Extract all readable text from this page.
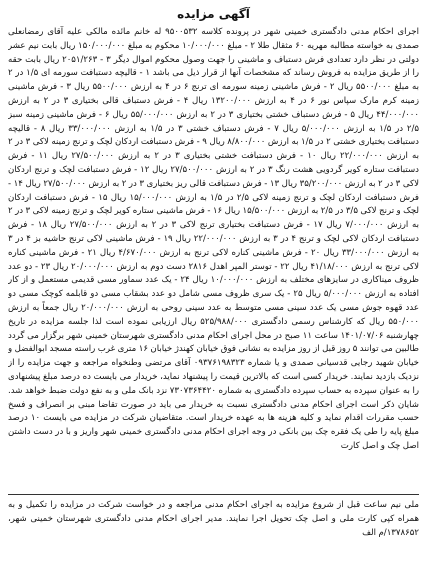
آگهی مزایده
اجرای احکام مدنی دادگستری خمینی شهر در پرونده کلاسه ۹۵۰۰۵۳۲ له خانم مائده مالکی علیه آقای رمضانعلی صمدی به خواسته مطالبه مهریه ۶۰ مثقال طلا ۲ - مبلغ ۱۰/۰۰۰/۰۰۰ محکوم به مبلغ ۱۵۰/۰۰۰/۰۰۰ ریال بابت نیم عشر دولتی در نظر دارد تعدادی فرش دستباف و ماشینی را جهت وصول محکوم اموال دیگر ۳ - ۲۰۵۱/۲۶۳ ریال بابت حقه را از طریق مزایده به فروش رساند که مشخصات آنها از قرار ذیل می باشد ۱ - قالیچه دستبافت سورمه ای ۱/۵ در ۲ به مبلغ ۵۵۰۰/۰۰۰ ریال ۲ - فرش ماشینی زمینه سورمه ای ترنج ۶ در ۴ به ارزش ۵۵۰۰/۰۰۰ ریال ۳ - فرش ماشینی زمینه کرم مارک سپاس نور ۶ در ۴ به ارزش ۱۳۲۰۰/۰۰۰ ریال ۴ - فرش دستباف قالی بختیاری ۳ در ۲ به ارزش ۴۴/۰۰۰/۰۰۰ ریال ۵ - فرش دستباف خشتی بختیاری ۳ در ۲ به ارزش ۵۵/۰۰۰/۰۰۰ ریال ۶ - فرش ماشینی زمینه سبز ۲/۵ در ۱/۵ به ارزش ۵/۰۰۰/۰۰۰ ریال ۷ - فرش دستباف خشتی ۳ در ۱/۵ به ارزش ۳۳/۰۰۰/۰۰۰ ریال ۸ - قالیچه دستبافت بختیاری خشتی ۲ در ۱/۵ به ارزش ۸/۸۰۰/۰۰۰ ریال ۹ - فرش دستبافت اردکان لچک و ترنج زمینه لاکی ۳ در ۲ به ارزش ۲۲/۰۰۰/۰۰۰ ریال ۱۰ - فرش دستبافت خشتی بختیاری ۳ در ۲ به ارزش ۲۷/۵۰۰/۰۰۰ ریال ۱۱ - فرش دستبافت ستاره کویر گردویی هشت رنگ ۳ در ۲ به ارزش ۲۷/۵۰۰/۰۰۰ ریال ۱۲ - فرش دستبافت لچک و ترنج اردکان لاکی ۳ در ۲ به ارزش ۳۵/۲۰۰/۰۰۰ ریال ۱۳ - فرش دستبافت قالی ریز بختیاری ۳ در ۲ به ارزش ۲۷/۵۰۰/۰۰۰ ریال ۱۴ - فرش دستبافت اردکان لچک و ترنج زمینه لاکی ۲/۵ در ۱/۵ به ارزش ۱۵/۰۰۰/۰۰۰ ریال ۱۵ - فرش دستبافت اردکان لچک و ترنج لاکی ۳/۵ در ۲/۵ به ارزش ۱۵/۵۰۰/۰۰۰ ریال ۱۶ - فرش ماشینی ستاره کویر لچک و ترنج زمینه لاکی ۳ در ۲ به ارزش ۷/۰۰۰/۰۰۰ ریال ۱۷ - فرش دستبافت بختیاری ترنج لاکی ۳ در ۲ به ارزش ۲۷/۵۰۰/۰۰۰ ریال ۱۸ - فرش دستبافت اردکان لاکی لچک و ترنج ۴ در ۳ به ارزش ۲۲/۰۰۰/۰۰۰ ریال ۱۹ - فرش ماشینی لاکی ترنج حاشیه بز ۴ در ۳ به ارزش ۳۳/۰۰۰/۰۰۰ ریال ۲۰ - فرش ماشینی کناره لاکی ترنج به ارزش ۴/۶۷۰/۰۰۰ ریال ۲۱ - فرش ماشینی کناره لاکی ترنج به ارزش ۴۱/۱۸/۰۰۰ ریال ۲۲ - توستر المپر اهدل ۲۸۱۶ دست دوم به ارزش ۲۰/۰۰۰/۰۰۰ ریال ۲۳ - دو عدد ظروف میناکاری در سایزهای مختلف به ارزش ۱۰/۰۰۰/۰۰۰ ریال ۲۴ - یک عدد سماور مسی قدیمی مستعمل و از کار افتاده به ارزش ۵/۰۰۰/۰۰۰ ریال ۲۵ - یک سری ظروف مسی شامل دو عدد بشقاب مسی دو قابلمه کوچک مسی دو عدد قهوه جوش مسی یک عدد سینی مسی متوسط به عدد سینی روحی به ارزش ۲۰/۰۰۰/۰۰۰ ریال جمعاً به ارزش ۵۵۰/۰۰۰ ریال که کارشناس رسمی دادگستری ۵۲۵/۹۸۸/۰۰۰ ریال ارزیابی نموده است لذا جلسه مزایده در تاریخ چهارشنبه ۱۴۰۱/۰۷/۰۶ ساعت ۱۱ صبح در محل اجرای احکام مدنی دادگستری شهرستان خمینی شهر برگزار می گردد طالبین می توانند ۵ روز قبل از روز مزایده به نشانی فوق خیابان کهندژ خیابان ۱۶ متری غرب راسته مسجد ابوالفضل و خیابان شهید رجایی قدسیانی صمدی و یا شماره ۰۹۳۷۶۱۹۸۳۲۳ آقای مرتضی وطنخواه مراجعه و جهت مزایده را از نزدیک بازدید نمایند. خریدار کسی است که بالاترین قیمت را پیشنهاد نماید، خریدار می بایست ده درصد مبلغ پیشنهادی را به عنوان سپرده به حساب سپرده دادگستری به شماره ۷۳۰۷۳۶۴۴۲۰ نزد بانک ملی و به نفع دولت ضبط خواهد شد. شایان ذکر است اجرای احکام مدنی دادگستری نسبت به خریدار می باید در صورت تقاضا مبنی بر انصراف و فسخ حسب مقررات اقدام نماید و کلیه هزینه ها به عهده خریدار است. متقاضیان شرکت در مزایده می بایست ۱۰ درصد مبلغ پایه را طی یک فقره چک بین بانکی در وجه اجرای احکام مدنی دادگستری خمینی شهر واریز و با در دست داشتن اصل چک و اصل کارت
ملی نیم ساعت قبل از شروع مزایده به اجرای احکام مدنی مراجعه و در خواست شرکت در مزایده را تکمیل و به همراه کپی کارت ملی و اصل چک تحویل اجرا نمایند. مدیر اجرای احکام مدنی دادگستری شهرستان خمینی شهر، ۱۳۷۸۶۵۲/م الف
